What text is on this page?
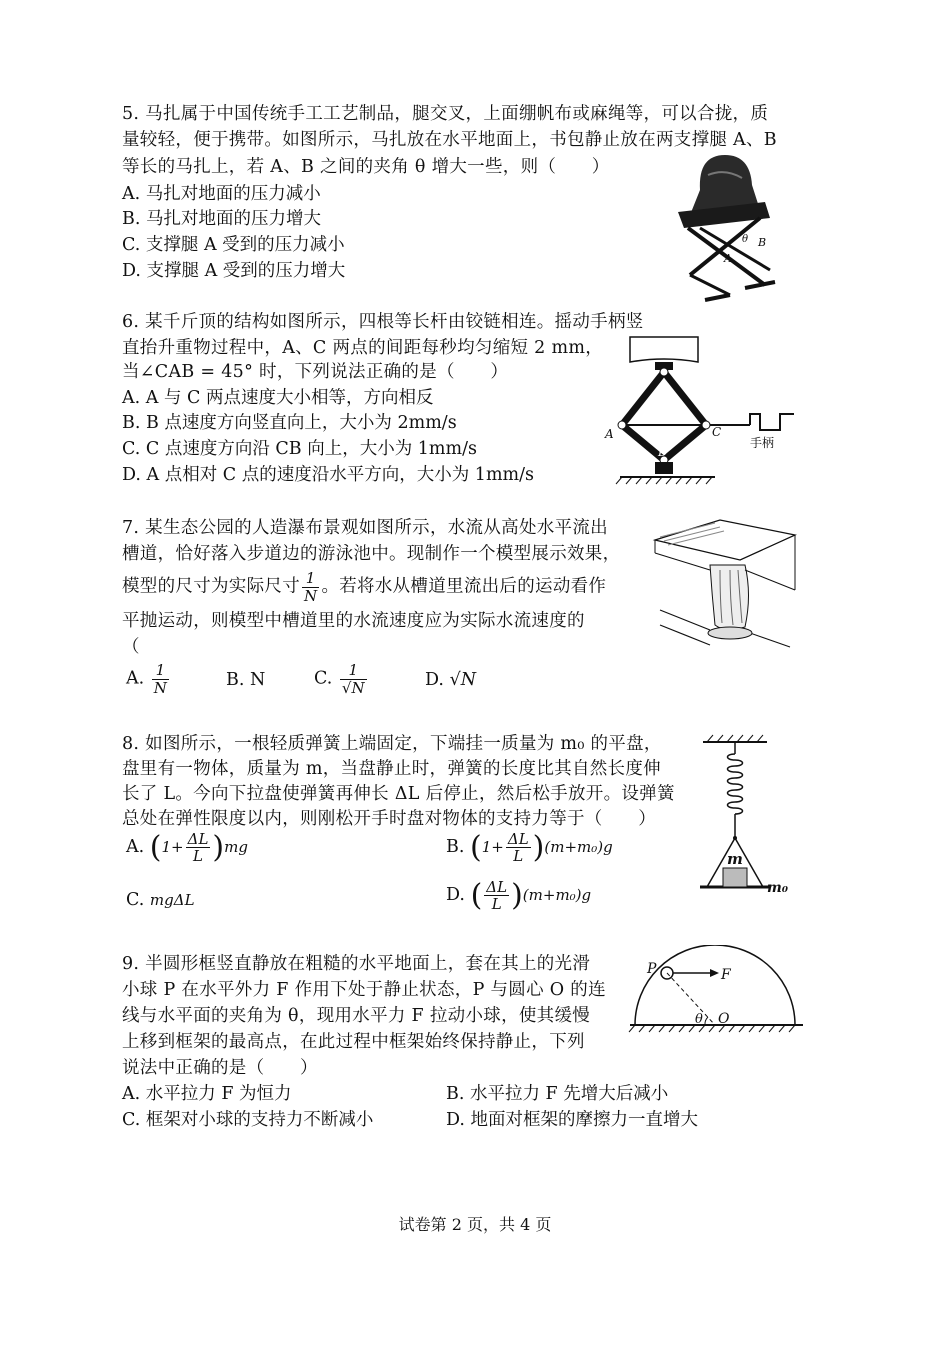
5. 马扎属于中国传统手工工艺制品，腿交叉，上面绷帆布或麻绳等，可以合拢，质
量较轻，便于携带。如图所示，马扎放在水平地面上，书包静止放在两支撑腿 A、B
等长的马扎上，若 A、B 之间的夹角 θ 增大一些，则（　　）
A. 马扎对地面的压力减小
B. 马扎对地面的压力增大
C. 支撑腿 A 受到的压力减小
D. 支撑腿 A 受到的压力增大
θ B
A
6. 某千斤顶的结构如图所示，四根等长杆由铰链相连。摇动手柄竖
直抬升重物过程中，A、C 两点的间距每秒均匀缩短 2 mm，
当∠CAB = 45° 时，下列说法正确的是（　　）
A. A 与 C 两点速度大小相等，方向相反
B. B 点速度方向竖直向上，大小为 2mm/s
C. C 点速度方向沿 CB 向上，大小为 1mm/s
D. A 点相对 C 点的速度沿水平方向，大小为 1mm/s
B
A	C
D
手柄
7. 某生态公园的人造瀑布景观如图所示，水流从高处水平流出
槽道，恰好落入步道边的游泳池中。现制作一个模型展示效果，
模型的尺寸为实际尺寸 $\frac{1}{N}$ 。若将水从槽道里流出后的运动看作
平抛运动，则模型中槽道里的水流速度应为实际水流速度的
（
A. $\frac{1}{N}$	B. N	C. $\frac{1}{√N}$	D. √N
8. 如图所示，一根轻质弹簧上端固定，下端挂一质量为 m₀ 的平盘，
盘里有一物体，质量为 m，当盘静止时，弹簧的长度比其自然长度伸
长了 L。今向下拉盘使弹簧再伸长 ΔL 后停止，然后松手放开。设弹簧
总处在弹性限度以内，则刚松开手时盘对物体的支持力等于（　　）
A. $(1+ \frac{\Delta L}{L} )mg$	B. $(1+ \frac{\Delta L}{L} )(m+m_0)g$
C. mgΔL	D. ( $\frac{\Delta L}{L} )(m+m_0)g$
m
m₀
9. 半圆形框竖直静放在粗糙的水平地面上，套在其上的光滑
小球 P 在水平外力 F 作用下处于静止状态，P 与圆心 O 的连
线与水平面的夹角为 θ，现用水平力 F 拉动小球，使其缓慢
上移到框架的最高点，在此过程中框架始终保持静止，下列
说法中正确的是（　　）
A. 水平拉力 F 为恒力	B. 水平拉力 F 先增大后减小
C. 框架对小球的支持力不断减小	D. 地面对框架的摩擦力一直增大
P	F
θ O
试卷第 2 页，共 4 页
